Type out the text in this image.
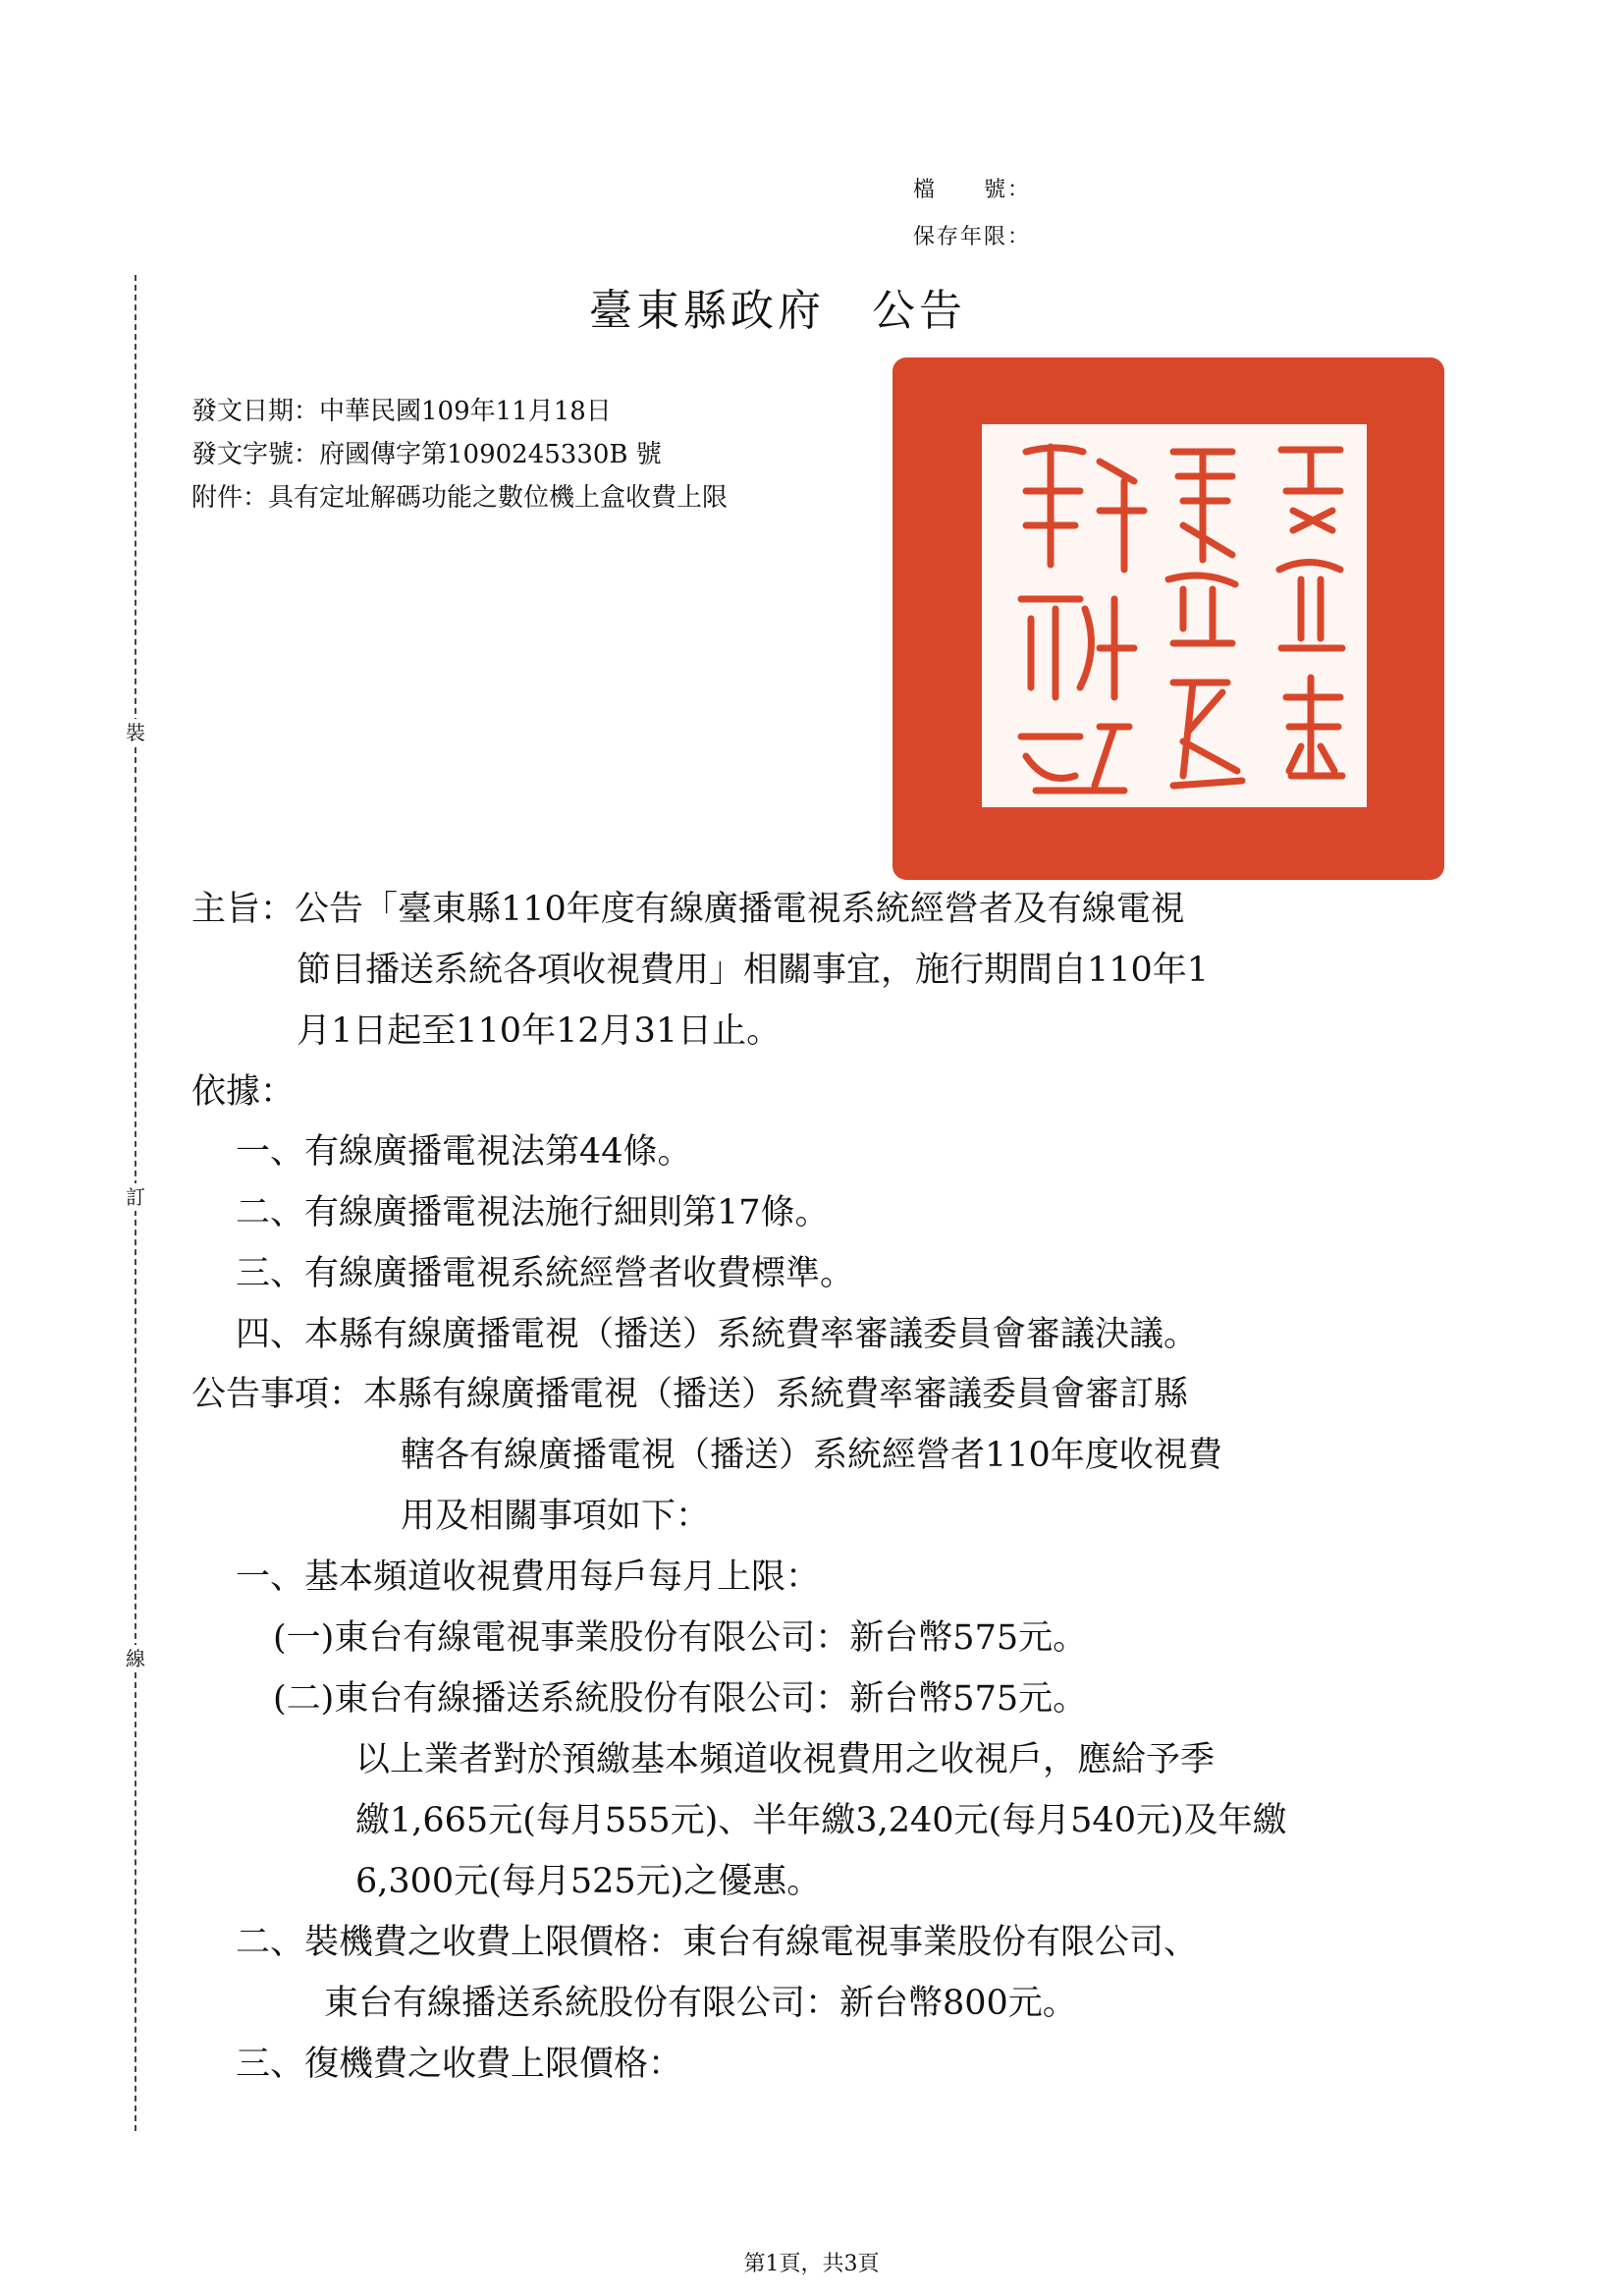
裝
訂
線
檔　　號：
保存年限：
臺東縣政府　公告
發文日期：中華民國109年11月18日
發文字號：府國傳字第1090245330B 號
附件：具有定址解碼功能之數位機上盒收費上限
主旨：公告「臺東縣110年度有線廣播電視系統經營者及有線電視
節目播送系統各項收視費用」相關事宜，施行期間自110年1
月1日起至110年12月31日止。
依據：
一、有線廣播電視法第44條。
二、有線廣播電視法施行細則第17條。
三、有線廣播電視系統經營者收費標準。
四、本縣有線廣播電視（播送）系統費率審議委員會審議決議。
公告事項：本縣有線廣播電視（播送）系統費率審議委員會審訂縣
轄各有線廣播電視（播送）系統經營者110年度收視費
用及相關事項如下：
一、基本頻道收視費用每戶每月上限：
(一)東台有線電視事業股份有限公司：新台幣575元。
(二)東台有線播送系統股份有限公司：新台幣575元。
以上業者對於預繳基本頻道收視費用之收視戶，應給予季
繳1,665元(每月555元)、半年繳3,240元(每月540元)及年繳
6,300元(每月525元)之優惠。
二、裝機費之收費上限價格：東台有線電視事業股份有限公司、
東台有線播送系統股份有限公司：新台幣800元。
三、復機費之收費上限價格：
第1頁，共3頁
